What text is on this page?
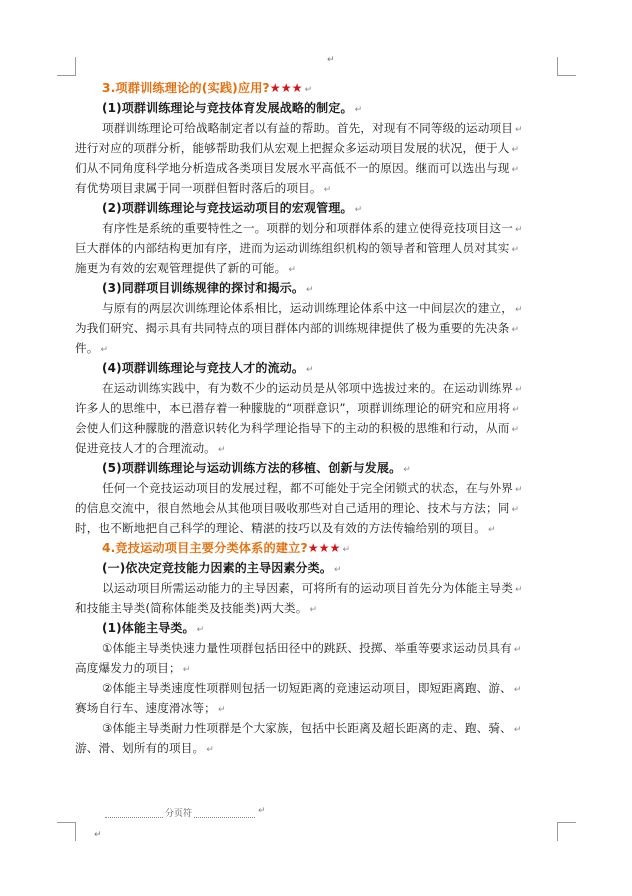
↵
3.项群训练理论的(实践)应用?★★★ ↵
(1)项群训练理论与竞技体育发展战略的制定。 ↵
项群训练理论可给战略制定者以有益的帮助。首先，对现有不同等级的运动项目 ↵
进行对应的项群分析，能够帮助我们从宏观上把握众多运动项目发展的状况，便于人 ↵
们从不同角度科学地分析造成各类项目发展水平高低不一的原因。继而可以选出与现 ↵
有优势项目隶属于同一项群但暂时落后的项目。 ↵
(2)项群训练理论与竞技运动项目的宏观管理。 ↵
有序性是系统的重要特性之一。项群的划分和项群体系的建立使得竞技项目这一 ↵
巨大群体的内部结构更加有序，进而为运动训练组织机构的领导者和管理人员对其实 ↵
施更为有效的宏观管理提供了新的可能。 ↵
(3)同群项目训练规律的探讨和揭示。 ↵
与原有的两层次训练理论体系相比，运动训练理论体系中这一中间层次的建立， ↵
为我们研究、揭示具有共同特点的项目群体内部的训练规律提供了极为重要的先决条 ↵
件。 ↵
(4)项群训练理论与竞技人才的流动。 ↵
在运动训练实践中，有为数不少的运动员是从邻项中选拔过来的。在运动训练界 ↵
许多人的思维中，本已潜存着一种朦胧的“项群意识”，项群训练理论的研究和应用将 ↵
会使人们这种朦胧的潜意识转化为科学理论指导下的主动的积极的思维和行动，从而 ↵
促进竞技人才的合理流动。 ↵
(5)项群训练理论与运动训练方法的移植、创新与发展。 ↵
任何一个竞技运动项目的发展过程，都不可能处于完全闭锁式的状态，在与外界 ↵
的信息交流中，很自然地会从其他项目吸收那些对自己适用的理论、技术与方法；同 ↵
时，也不断地把自己科学的理论、精湛的技巧以及有效的方法传输给别的项目。 ↵
4.竞技运动项目主要分类体系的建立?★★★ ↵
(一)依决定竞技能力因素的主导因素分类。 ↵
以运动项目所需运动能力的主导因素，可将所有的运动项目首先分为体能主导类 ↵
和技能主导类(简称体能类及技能类)两大类。 ↵
(1)体能主导类。 ↵
①体能主导类快速力量性项群包括田径中的跳跃、投掷、举重等要求运动员具有 ↵
高度爆发力的项目； ↵
②体能主导类速度性项群则包括一切短距离的竞速运动项目，即短距离跑、游、 ↵
赛场自行车、速度滑冰等； ↵
③体能主导类耐力性项群是个大家族，包括中长距离及超长距离的走、跑、骑、 ↵
游、滑、划所有的项目。 ↵
分页符	↵
↵
